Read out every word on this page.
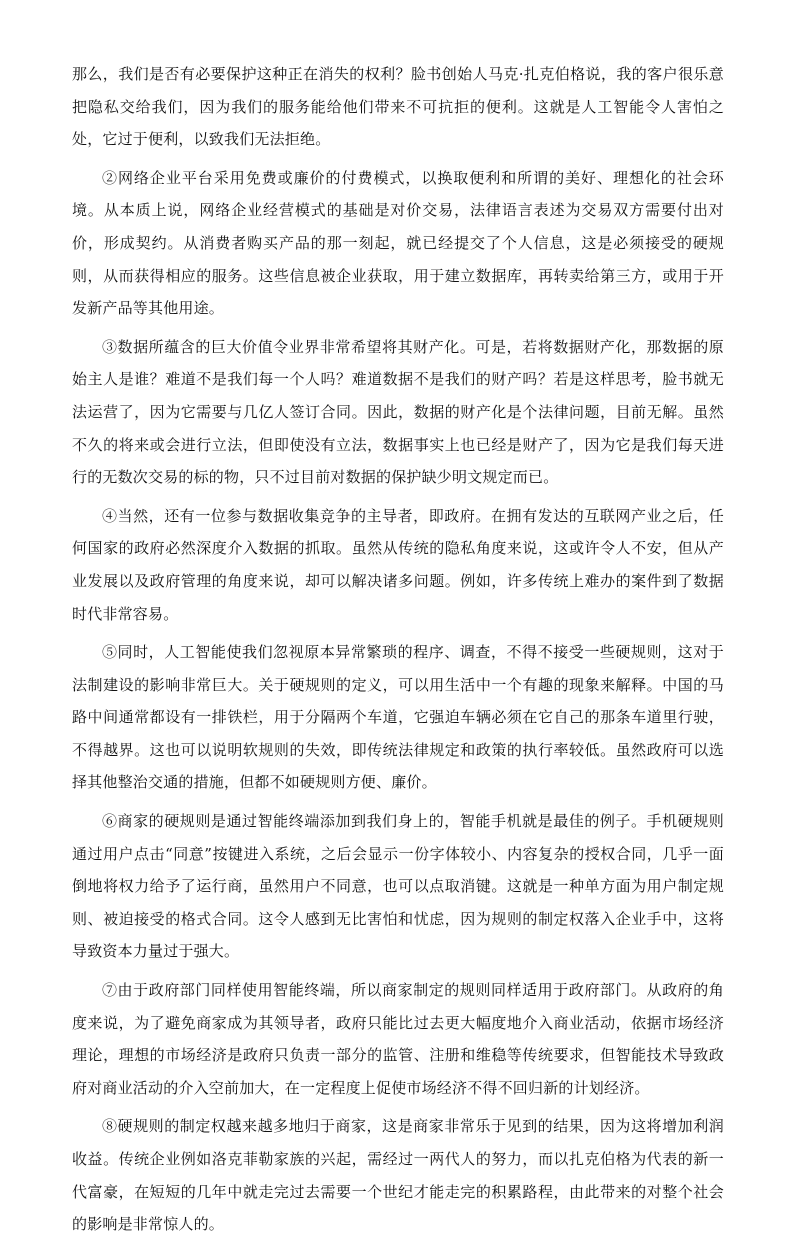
那么，我们是否有必要保护这种正在消失的权利？脸书创始人马克·扎克伯格说，我的客户很乐意把隐私交给我们，因为我们的服务能给他们带来不可抗拒的便利。这就是人工智能令人害怕之处，它过于便利，以致我们无法拒绝。

②网络企业平台采用免费或廉价的付费模式，以换取便利和所谓的美好、理想化的社会环境。从本质上说，网络企业经营模式的基础是对价交易，法律语言表述为交易双方需要付出对价，形成契约。从消费者购买产品的那一刻起，就已经提交了个人信息，这是必须接受的硬规则，从而获得相应的服务。这些信息被企业获取，用于建立数据库，再转卖给第三方，或用于开发新产品等其他用途。

③数据所蕴含的巨大价值令业界非常希望将其财产化。可是，若将数据财产化，那数据的原始主人是谁？难道不是我们每一个人吗？难道数据不是我们的财产吗？若是这样思考，脸书就无法运营了，因为它需要与几亿人签订合同。因此，数据的财产化是个法律问题，目前无解。虽然不久的将来或会进行立法，但即使没有立法，数据事实上也已经是财产了，因为它是我们每天进行的无数次交易的标的物，只不过目前对数据的保护缺少明文规定而已。

④当然，还有一位参与数据收集竞争的主导者，即政府。在拥有发达的互联网产业之后，任何国家的政府必然深度介入数据的抓取。虽然从传统的隐私角度来说，这或许令人不安，但从产业发展以及政府管理的角度来说，却可以解决诸多问题。例如，许多传统上难办的案件到了数据时代非常容易。

⑤同时，人工智能使我们忽视原本异常繁琐的程序、调查，不得不接受一些硬规则，这对于法制建设的影响非常巨大。关于硬规则的定义，可以用生活中一个有趣的现象来解释。中国的马路中间通常都设有一排铁栏，用于分隔两个车道，它强迫车辆必须在它自己的那条车道里行驶，不得越界。这也可以说明软规则的失效，即传统法律规定和政策的执行率较低。虽然政府可以选择其他整治交通的措施，但都不如硬规则方便、廉价。

⑥商家的硬规则是通过智能终端添加到我们身上的，智能手机就是最佳的例子。手机硬规则通过用户点击“同意”按键进入系统，之后会显示一份字体较小、内容复杂的授权合同，几乎一面倒地将权力给予了运行商，虽然用户不同意，也可以点取消键。这就是一种单方面为用户制定规则、被迫接受的格式合同。这令人感到无比害怕和忧虑，因为规则的制定权落入企业手中，这将导致资本力量过于强大。

⑦由于政府部门同样使用智能终端，所以商家制定的规则同样适用于政府部门。从政府的角度来说，为了避免商家成为其领导者，政府只能比过去更大幅度地介入商业活动，依据市场经济理论，理想的市场经济是政府只负责一部分的监管、注册和维稳等传统要求，但智能技术导致政府对商业活动的介入空前加大，在一定程度上促使市场经济不得不回归新的计划经济。

⑧硬规则的制定权越来越多地归于商家，这是商家非常乐于见到的结果，因为这将增加利润收益。传统企业例如洛克菲勒家族的兴起，需经过一两代人的努力，而以扎克伯格为代表的新一代富豪，在短短的几年中就走完过去需要一个世纪才能走完的积累路程，由此带来的对整个社会的影响是非常惊人的。
